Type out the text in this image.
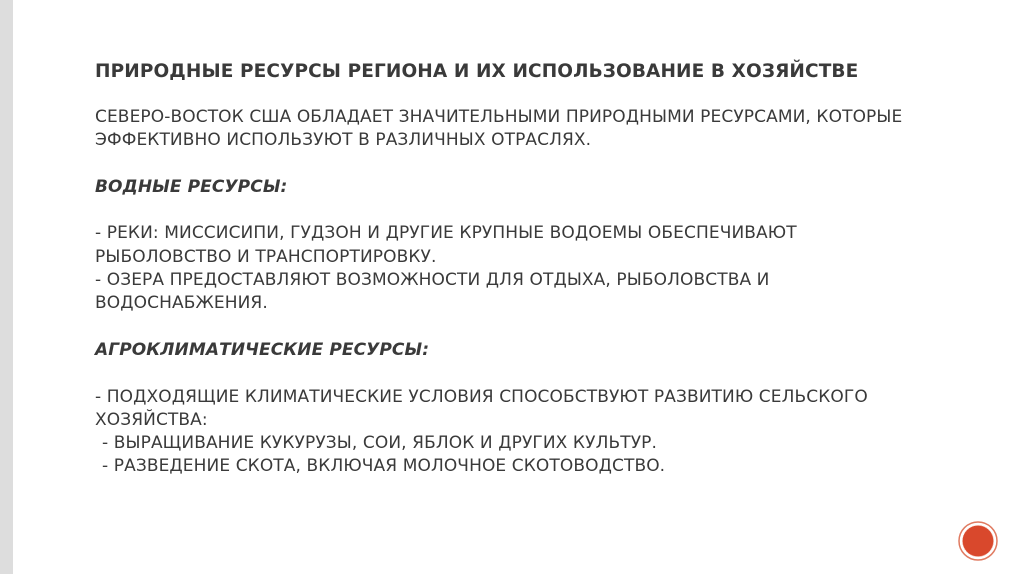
ПРИРОДНЫЕ РЕСУРСЫ РЕГИОНА И ИХ ИСПОЛЬЗОВАНИЕ В ХОЗЯЙСТВЕ

СЕВЕРО-ВОСТОК США ОБЛАДАЕТ ЗНАЧИТЕЛЬНЫМИ ПРИРОДНЫМИ РЕСУРСАМИ, КОТОРЫЕ

ЭФФЕКТИВНО ИСПОЛЬЗУЮТ В РАЗЛИЧНЫХ ОТРАСЛЯХ.

ВОДНЫЕ РЕСУРСЫ:

- РЕКИ: МИССИСИПИ, ГУДЗОН И ДРУГИЕ КРУПНЫЕ ВОДОЕМЫ ОБЕСПЕЧИВАЮТ

РЫБОЛОВСТВО И ТРАНСПОРТИРОВКУ.

- ОЗЕРА ПРЕДОСТАВЛЯЮТ ВОЗМОЖНОСТИ ДЛЯ ОТДЫХА, РЫБОЛОВСТВА И

ВОДОСНАБЖЕНИЯ.

АГРОКЛИМАТИЧЕСКИЕ РЕСУРСЫ:

- ПОДХОДЯЩИЕ КЛИМАТИЧЕСКИЕ УСЛОВИЯ СПОСОБСТВУЮТ РАЗВИТИЮ СЕЛЬСКОГО

ХОЗЯЙСТВА:

- ВЫРАЩИВАНИЕ КУКУРУЗЫ, СОИ, ЯБЛОК И ДРУГИХ КУЛЬТУР.

- РАЗВЕДЕНИЕ СКОТА, ВКЛЮЧАЯ МОЛОЧНОЕ СКОТОВОДСТВО.
